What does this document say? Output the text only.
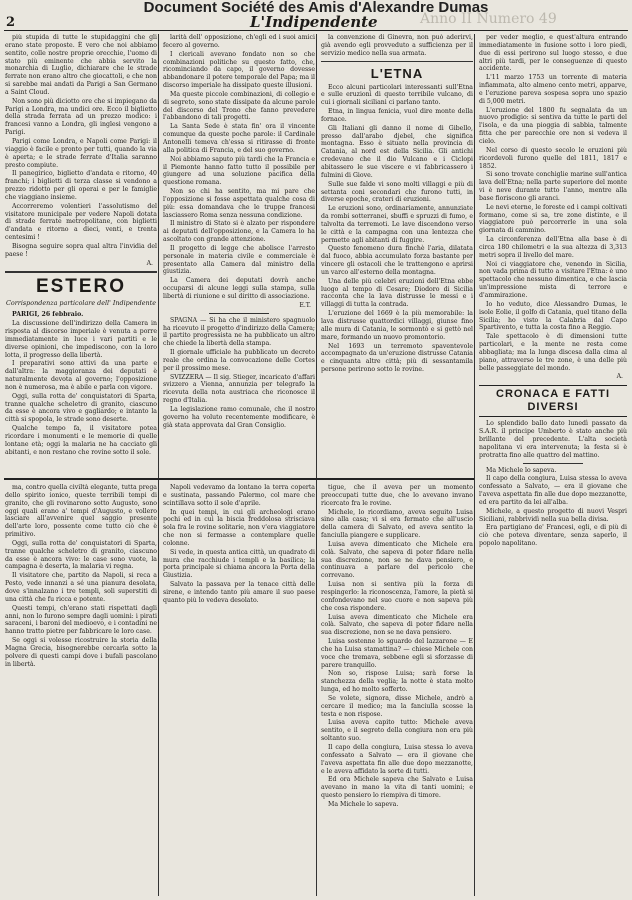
Document Société des Amis d'Alexandre Dumas
2	L'Indipendente	Anno II Numero 49

più stupida di tutte le stupidaggini che gli erano state proposte. È vero che noi abbiamo sentito, colle nostre proprie orecchie, l'uomo di stato più eminente che abbia servito la monarchia di Luglio, dichiarare che le strade ferrate non erano altro che giocattoli, e che non si sarebbe mai andati da Parigi a San Germano a Saint Cloud.

Non sono più diciotto ore che si impiegano da Parigi a Londra, ma undici ore. Ecco il biglietto della strada ferrata ad un prezzo modico: i francesi vanno a Londra, gli inglesi vengono a Parigi.

Parigi come Londra, e Napoli come Parigi: il viaggio è facile e pronto per tutti, quando la via è aperta; e le strade ferrate d'Italia saranno presto compiute.

Il panegirico, biglietto d'andata e ritorno, 40 franchi; i biglietti di terza classe si vendono a prezzo ridotto per gli operai e per le famiglie che viaggiano insieme.

Accorreremo volentieri l'assolutismo del visitatore municipale per vedere Napoli dotata di strade ferrate metropolitane, con biglietti d'andata e ritorno a dieci, venti, e trenta centesimi !

Bisogna seguire sopra qual altra l'invidia del paese !

A.
ESTERO
Corrispondenza particolare dell' Indipendente

PARIGI, 26 febbraio.

La discussione dell'indirizzo della Camera in risposta al discorso imperiale è venuta a porre immediatamente in luce i vari partiti e le diverse opinioni, che impediscono, con la loro lotta, il progresso della libertà.

I preparativi sono attivi da una parte e dall'altra: la maggioranza dei deputati è naturalmente devota al governo; l'opposizione non è numerosa, ma è abile e parla con vigore.

Oggi, sulla rotta de' conquistatori di Sparta, tranne qualche scheletro di granito, ciascuno da esse è ancora vivo e gagliardo; e intanto la città si spopola, le strade sono deserte.

Qualche tempo fa, il visitatore potea ricordare i monumenti e le memorie di quelle lontane età; oggi la malaria ne ha cacciato gli abitanti, e non restano che rovine sotto il sole.

larità dell' opposizione, ch'egli ed i suoi amici fecero al governo.

I clericali avevano fondato non so che combinazioni politiche su questo fatto, che, ricominciando da capo, il governo dovesse abbandonare il potere temporale del Papa; ma il discorso imperiale ha dissipato queste illusioni.

Ma queste piccole combinazioni, di collegio e di segreto, sono state dissipate da alcune parole del discorso del Trono che fanno prevedere l'abbandono di tali progetti.

La Santa Sede è stata fin' ora il vincente comunque da queste poche parole: il Cardinale Antonelli temeva ch'essa si ritirasse di fronte alla politica di Francia, e del suo governo.

Noi abbiamo saputo più tardi che la Francia e il Piemonte hanno fatto tutto il possibile per giungere ad una soluzione pacifica della questione romana.

Non so chi ha sentito, ma mi pare che l'opposizione si fosse aspettata qualche cosa di più: essa domandava che le truppe francesi lasciassero Roma senza nessuna condizione.

Il ministro di Stato si è alzato per rispondere ai deputati dell'opposizione, e la Camera lo ha ascoltato con grande attenzione.

Il progetto di legge che abolisce l'arresto personale in materia civile e commerciale è presentato alla Camera dal ministro della giustizia.

La Camera dei deputati dovrà anche occuparsi di alcune leggi sulla stampa, sulla libertà di riunione e sul diritto di associazione.

E.T.

SPAGNA — Si ha che il ministero spagnuolo ha ricevuto il progetto d'indirizzo della Camera; il partito progressista ne ha pubblicato un altro che chiede la libertà della stampa.

Il giornale ufficiale ha pubblicato un decreto reale che ordina la convocazione delle Cortes per il prossimo mese.

SVIZZERA — Il sig. Stieger, incaricato d'affari svizzero a Vienna, annunzia per telegrafo la ricevuta della nota austriaca che riconosce il regno d'Italia.

La legislazione ramo comunale, che il nostro governo ha voluto recentemente modificare, è già stata approvata dal Gran Consiglio.

la convenzione di Ginevra, non può aderirvi, già avendo egli provveduto a sufficienza per il servizio medico nella sua armata.

L'ETNA

Ecco alcuni particolari interessanti sull'Etna e sulle eruzioni di questo terribile vulcano, di cui i giornali siciliani ci parlano tanto.

Etna, in lingua fenicia, vuol dire monte della fornace.

Gli Italiani gli danno il nome di Gibello, presso dall'arabo djebel, che significa montagna. Esso è situato nella provincia di Catania, al nord est della Sicilia. Gli antichi credevano che il dio Vulcano e i Ciclopi abitassero le sue viscere e vi fabbricassero i fulmini di Giove.

Sulle sue falde vi sono molti villaggi e più di settanta coni secondari che furono tutti, in diverse epoche, crateri di eruzioni.

Le eruzioni sono, ordinariamente, annunziate da rombi sotterranei, sbuffi e spruzzi di fumo, e talvolta da terremoti. Le lave discendono verso le città e la campagna con una lentezza che permette agli abitanti di fuggire.

Questo fenomeno dura finchè l'aria, dilatata dal fuoco, abbia accumulato forza bastante per vincere gli ostacoli che le trattengono e aprirsi un varco all'esterno della montagna.

Una delle più celebri eruzioni dell'Etna ebbe luogo al tempo di Cesare; Diodoro di Sicilia racconta che la lava distrusse le messi e i villaggi di tutta la contrada.

L'eruzione del 1669 è la più memorabile: la lava distrusse quattordici villaggi, giunse fino alle mura di Catania, le sormontò e si gettò nel mare, formando un nuovo promontorio.

Nel 1693 un terremoto spaventevole accompagnato da un'eruzione distrusse Catania e cinquanta altre città; più di sessantamila persone perirono sotto le rovine.

per veder meglio, e quest'altura entrando immediatamente in fusione sotto i loro piedi, due di essi perirono sul luogo stesso, e due altri più tardi, per le conseguenze di questo accidente.

L'11 marzo 1753 un torrente di materia infiammata, alto almeno cento metri, apparve, e l'eruzione pareva sospesa sopra uno spazio di 5,000 metri.

L'eruzione del 1800 fu segnalata da un nuovo prodigio: si sentiva da tutte le parti del l'isola, e da una pioggia di sabbia, talmente fitta che per parecchie ore non si vedeva il cielo.

Nel corso di questo secolo le eruzioni più ricordevoli furono quelle del 1811, 1817 e 1852.

Si sono trovate conchiglie marine sull'antica lava dell'Etna; nella parte superiore del monte vi è neve durante tutto l'anno, mentre alla base fioriscono gli aranci.

Le nevi eterne, le foreste ed i campi coltivati formano, come si sa, tre zone distinte, e il viaggiatore può percorrerle in una sola giornata di cammino.

La circonferenza dell'Etna alla base è di circa 180 chilometri e la sua altezza di 3,313 metri sopra il livello del mare.

Noi ci viaggiatore che, venendo in Sicilia, non vada prima di tutto a visitare l'Etna: è uno spettacolo che nessuno dimentica, e che lascia un'impressione mista di terrore e d'ammirazione.

Io ho veduto, dice Alessandro Dumas, le isole Eolie, il golfo di Catania, quel titano della Sicilia; ho visto la Calabria dal Capo Spartivento, e tutta la costa fino a Reggio.

Tale spettacolo è di dimensioni tutte particolari, e la mente ne resta come abbagliata; ma la lunga discesa dalla cima al piano, attraverso le tre zone, è una delle più belle passeggiate del mondo.

A.
CRONACA E FATTI DIVERSI

Lo splendido ballo dato lunedì passato da S.A.R. il principe Umberto è stato anche più brillante del precedente. L'alta società napolitana vi era intervenuta; la festa si è protratta fino alle quattro del mattino.

Ma Michele lo sapeva.

Il capo della congiura, Luisa stessa lo aveva confessato a Salvato, — era il giovane che l'aveva aspettata fin alle due dopo mezzanotte, ed era partito da lei all'alba.

Michele, a questo progetto di nuovi Vespri Siciliani, rabbrividì nella sua bella divisa.

Era partigiano de' Francesi, egli, e di più di ciò che poteva diventare, senza saperlo, il popolo napolitano.

ma, contro quella civiltà elegante, tutta prega dello spirito ionico, queste terribili tempi di granito, che gli rovinarono sotto Augusto, sono oggi quali erano a' tempi d'Augusto, e vollero lasciare all'avvenire quel saggio presente dell'arte loro, possente come tutto ciò che è primitivo.

Oggi, sulla rotta de' conquistatori di Sparta, tranne qualche scheletro di granito, ciascuno da esse è ancora vivo: le case sono vuote, la campagna è deserta, la malaria vi regna.

Il visitatore che, partito da Napoli, si reca a Pesto, vede innanzi a sé una pianura desolata, dove s'innalzano i tre templi, soli superstiti di una città che fu ricca e potente.

Questi tempi, ch'erano stati rispettati dagli anni, non lo furono sempre dagli uomini: i pirati saraceni, i baroni del medioevo, e i contadini ne hanno tratto pietre per fabbricare le loro case.

Se oggi si volesse ricostruire la storia della Magna Grecia, bisognerebbe cercarla sotto la polvere di questi campi dove i bufali pascolano in libertà.

Napoli vedevamo da lontano la terra coperta e sustinata, passando Palermo, col mare che scintillava sotto il sole d'aprile.

In quei tempi, in cui gli archeologi erano pochi ed in cui la biscia freddolosa strisciava sola fra le rovine solitarie, non v'era viaggiatore che non si fermasse a contemplare quelle colonne.

Si vede, in questa antica città, un quadrato di mura che racchiude i templi e la basilica; la porta principale si chiama ancora la Porta della Giustizia.

Salvato la passava per la tenace città delle sirene, e intendo tanto più amare il suo paese quanto più lo vedeva desolato.

tigue, che il aveva per un momento preoccupati tutte due, che lo avevano invano ricercato fra le rovine.

Michele, lo ricordiamo, aveva seguito Luisa sino alla casa; vi si era fermato che all'uscio della camera di Salvato, ed aveva sentito la fanciulla piangere e supplicare.

Luisa aveva dimenticato che Michele era colà. Salvato, che sapeva di poter fidare nella sua discrezione, non se ne dava pensiero, e continuava a parlare del pericolo che correvano.

Luisa non si sentiva più la forza di respingerlo: la riconoscenza, l'amore, la pietà si confondevano nel suo cuore e non sapeva più che cosa rispondere.

Luisa aveva dimenticato che Michele era colà. Salvato, che sapeva di poter fidare nella sua discrezione, non se ne dava pensiero.

Luisa sostenne lo sguardo del lazzarone — E che ha Luisa stamattina? — chiese Michele con voce che tremava, sebbene egli si sforzasse di parere tranquillo.

Non so, rispose Luisa; sarà forse la stanchezza della veglia; la notte è stata molto lunga, ed ho molto sofferto.

Se volete, signora, disse Michele, andrò a cercare il medico; ma la fanciulla scosse la testa e non rispose.

Luisa aveva capito tutto: Michele aveva sentito, e il segreto della congiura non era più soltanto suo.

Il capo della congiura, Luisa stessa lo aveva confessato a Salvato — era il giovane che l'aveva aspettata fin alle due dopo mezzanotte, e le aveva affidato la sorte di tutti.

Ed ora Michele sapeva che Salvato e Luisa avevano in mano la vita di tanti uomini; e questo pensiero lo riempiva di timore.

Ma Michele lo sapeva.
